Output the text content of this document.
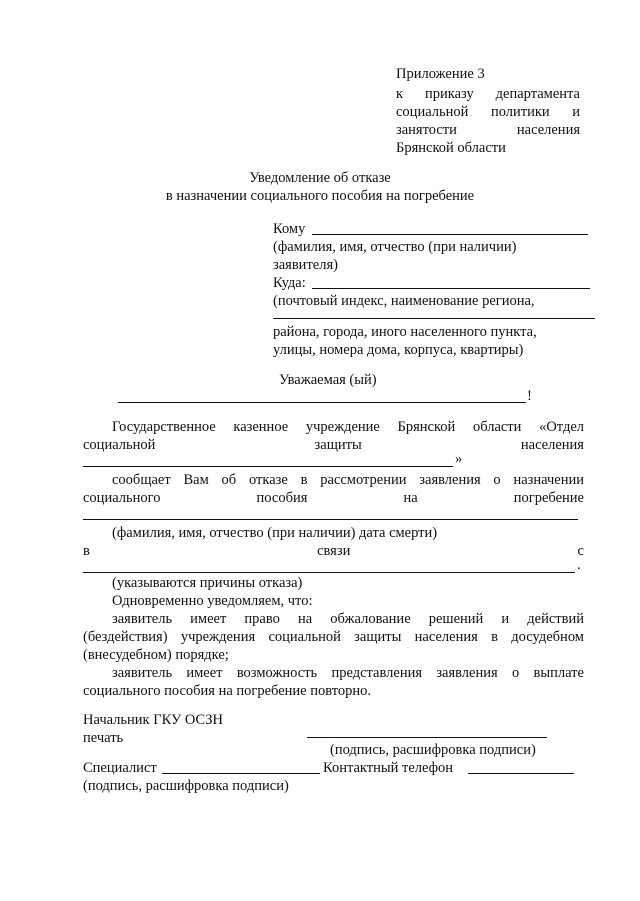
Приложение 3
к приказу департамента
социальной политики и
занятости	населения
Брянской области
Уведомление об отказе
в назначении социального пособия на погребение
Кому
(фамилия, имя, отчество (при наличии)
заявителя)
Куда:
(почтовый индекс, наименование региона,
района, города, иного населенного пункта,
улицы, номера дома, корпуса, квартиры)
Уважаемая (ый)
!
Государственное казенное учреждение Брянской области «Отдел
социальной	защиты	населения
»
сообщает Вам об отказе в рассмотрении заявления о назначении
социального	пособия	на	погребение
(фамилия, имя, отчество (при наличии) дата смерти)
в	связи	с
.
(указываются причины отказа)
Одновременно уведомляем, что:
заявитель имеет право на обжалование решений и действий
(бездействия) учреждения социальной защиты населения в досудебном
(внесудебном) порядке;
заявитель имеет возможность представления заявления о выплате
социального пособия на погребение повторно.
Начальник ГКУ ОСЗН
печать
(подпись, расшифровка подписи)
Специалист	Контактный телефон
(подпись, расшифровка подписи)
